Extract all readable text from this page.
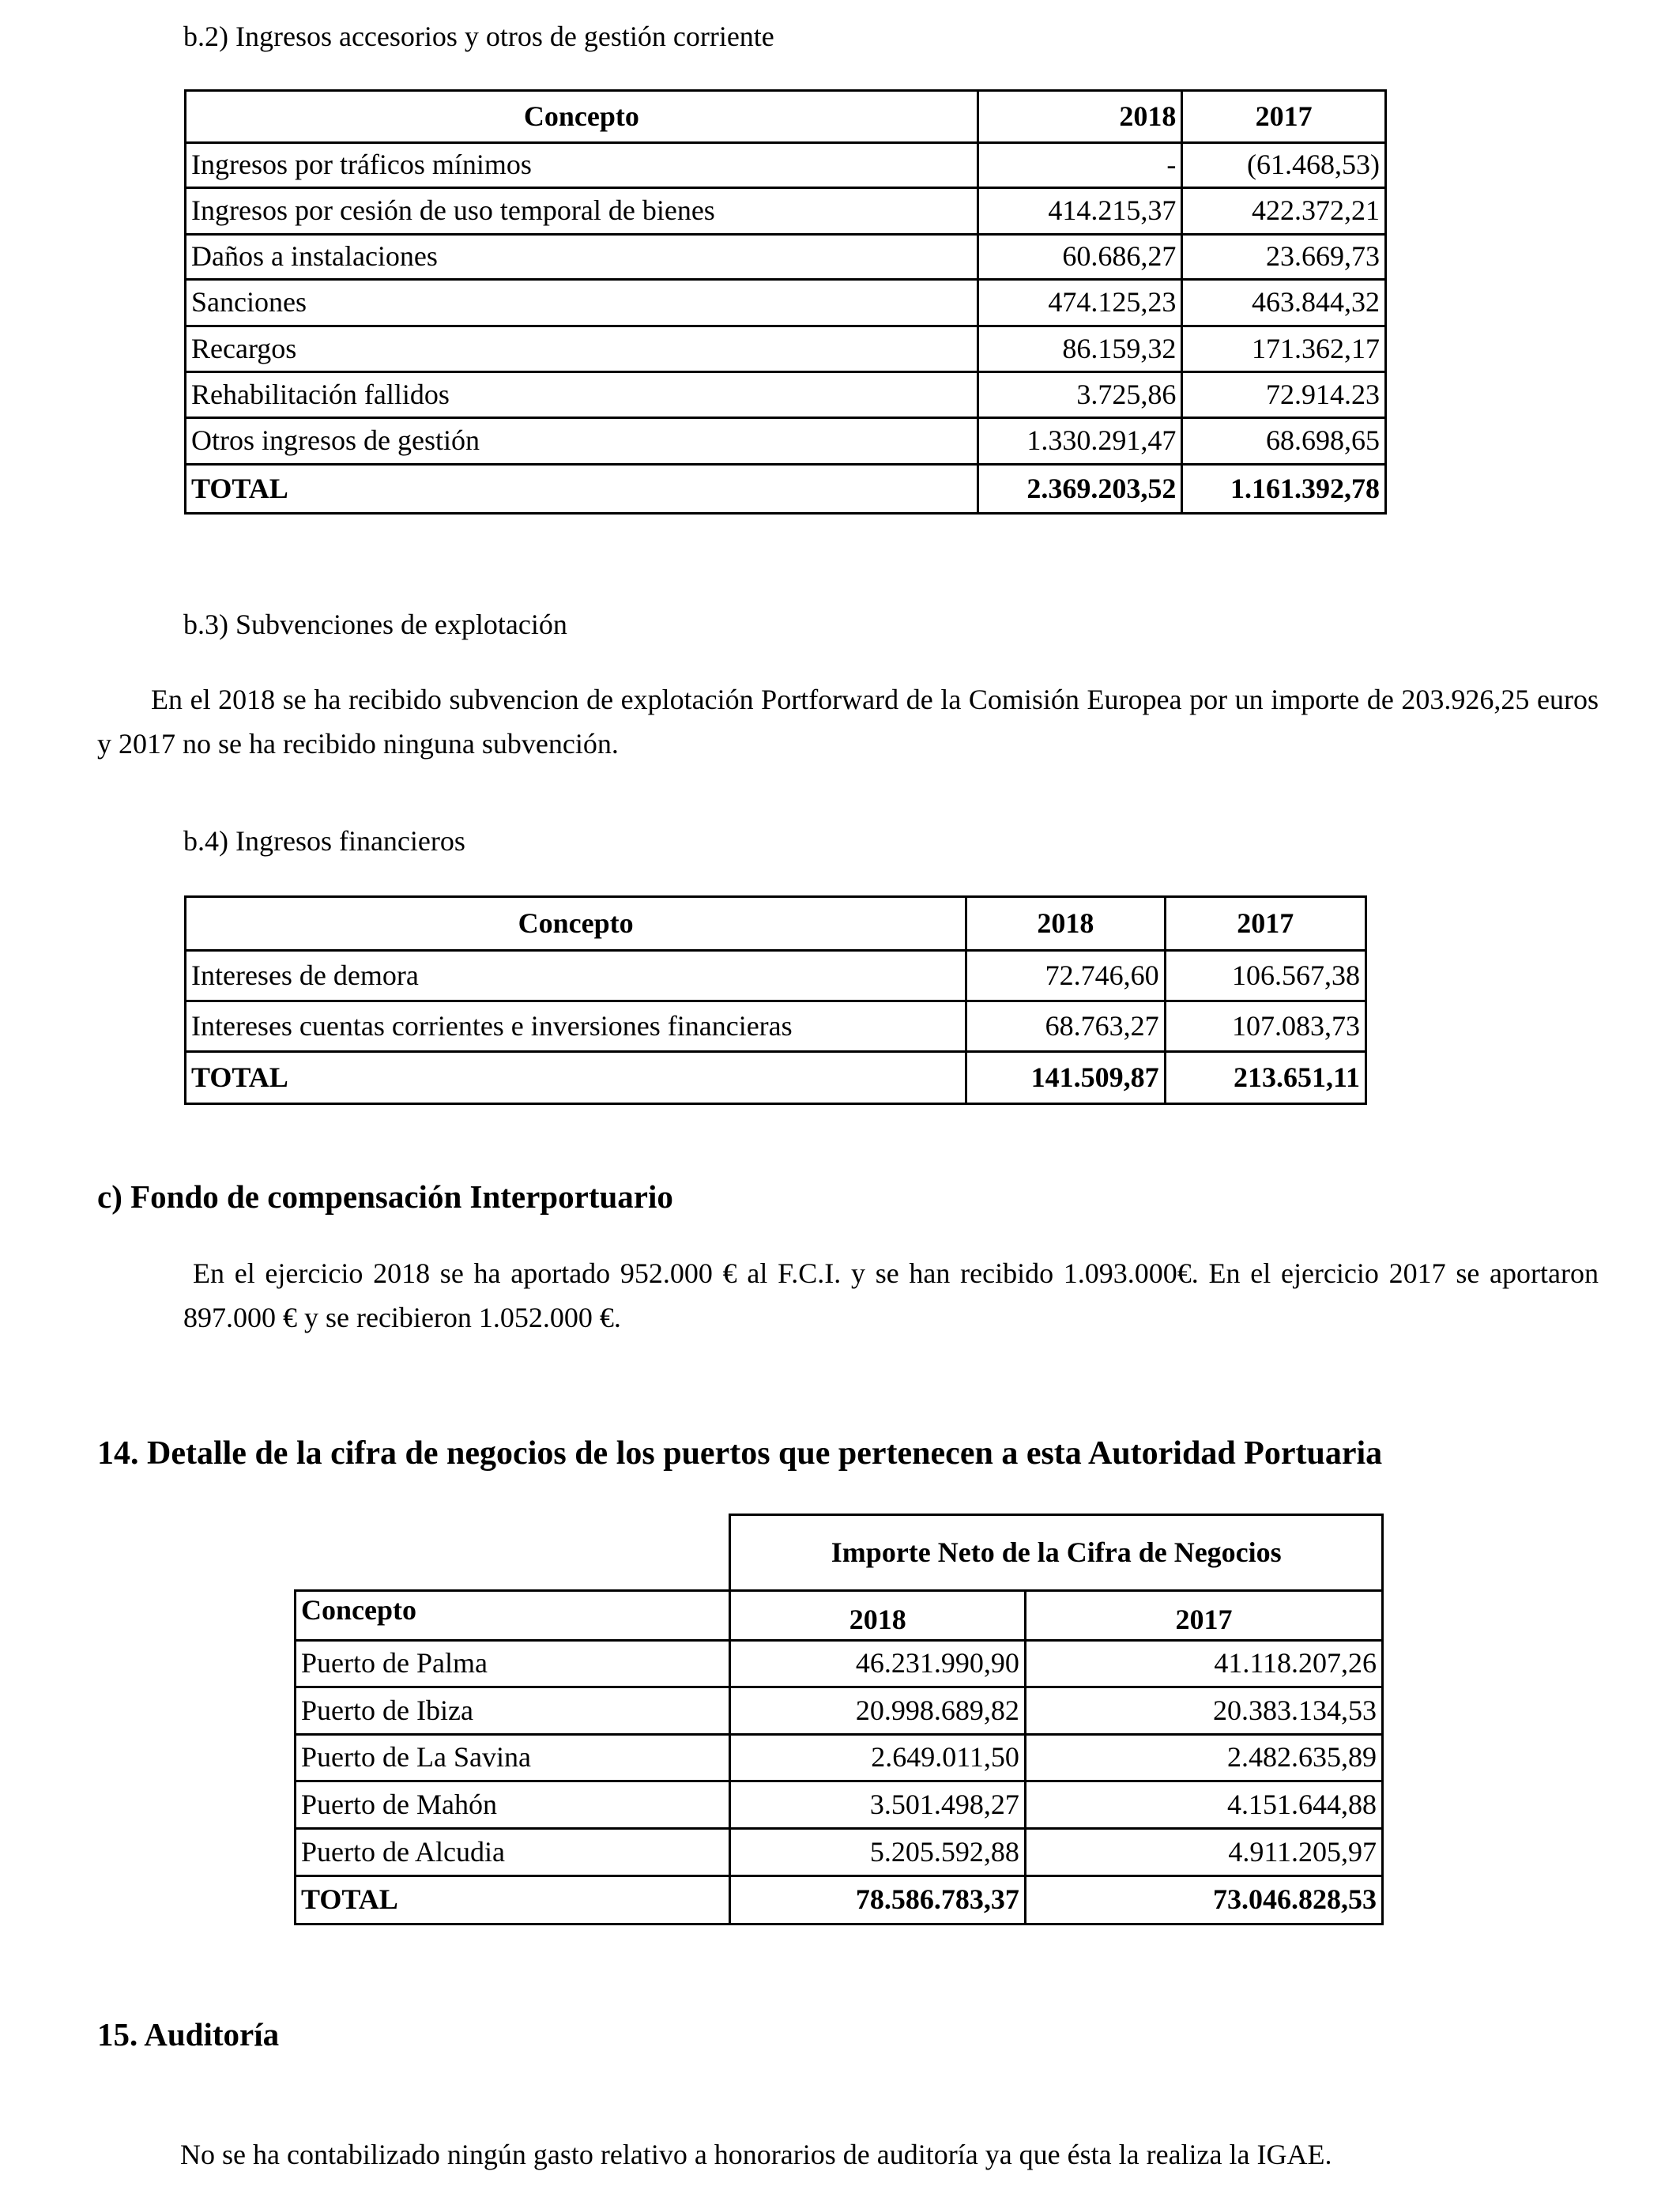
b.2) Ingresos accesorios y otros de gestión corriente
Concepto	2018	2017
Ingresos por tráficos mínimos	-	(61.468,53)
Ingresos por cesión de uso temporal de bienes	414.215,37	422.372,21
Daños a instalaciones	60.686,27	23.669,73
Sanciones	474.125,23	463.844,32
Recargos	86.159,32	171.362,17
Rehabilitación fallidos	3.725,86	72.914.23
Otros ingresos de gestión	1.330.291,47	68.698,65
TOTAL	2.369.203,52	1.161.392,78
b.3) Subvenciones de explotación
En el 2018 se ha recibido subvencion de explotación Portforward de la Comisión Europea por un importe de 203.926,25 euros y 2017 no se ha recibido ninguna subvención.
b.4) Ingresos financieros
Concepto	2018	2017
Intereses de demora	72.746,60	106.567,38
Intereses cuentas corrientes e inversiones financieras	68.763,27	107.083,73
TOTAL	141.509,87	213.651,11
c) Fondo de compensación Interportuario
En el ejercicio 2018 se ha aportado 952.000 € al F.C.I. y se han recibido 1.093.000€. En el ejercicio 2017 se aportaron 897.000 € y se recibieron 1.052.000 €.
14. Detalle de la cifra de negocios de los puertos que pertenecen a esta Autoridad Portuaria
	Importe Neto de la Cifra de Negocios	
Concepto	2018	2017
Puerto de Palma	46.231.990,90	41.118.207,26
Puerto de Ibiza	20.998.689,82	20.383.134,53
Puerto de La Savina	2.649.011,50	2.482.635,89
Puerto de Mahón	3.501.498,27	4.151.644,88
Puerto de Alcudia	5.205.592,88	4.911.205,97
TOTAL	78.586.783,37	73.046.828,53
15. Auditoría
No se ha contabilizado ningún gasto relativo a honorarios de auditoría ya que ésta la realiza la IGAE.
